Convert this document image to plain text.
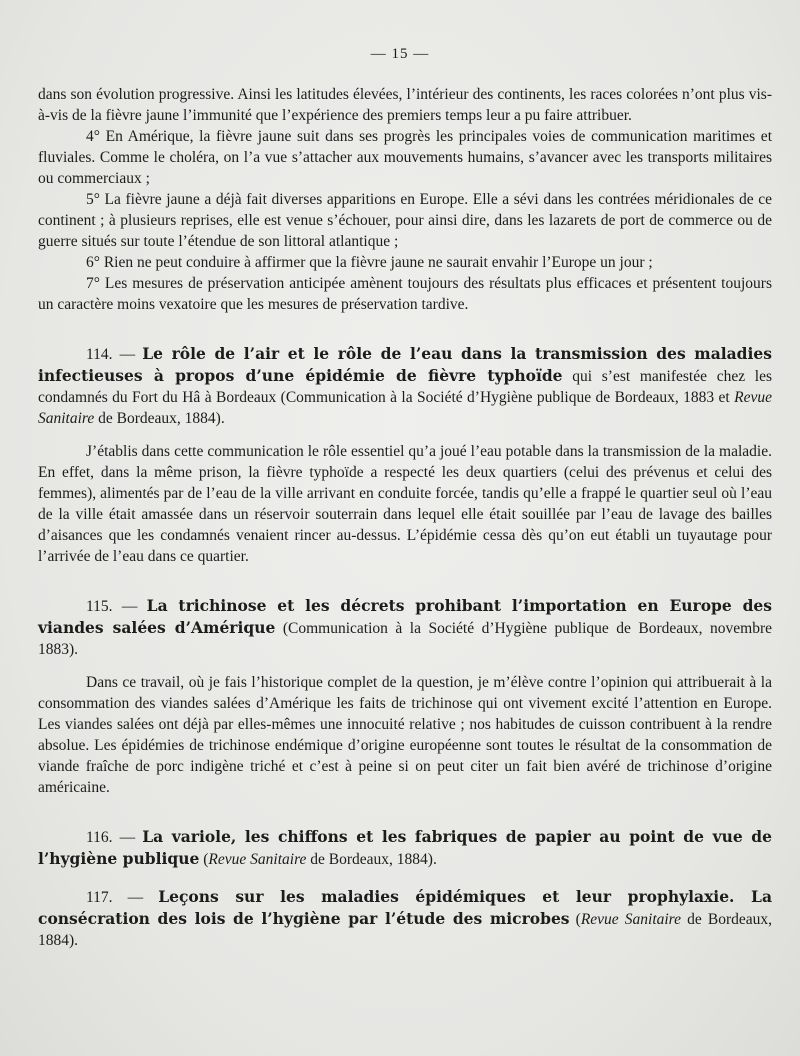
— 15 —

dans son évolution progressive. Ainsi les latitudes élevées, l’intérieur des continents, les races colorées n’ont plus vis-à-vis de la fièvre jaune l’immunité que l’expérience des premiers temps leur a pu faire attribuer.

4° En Amérique, la fièvre jaune suit dans ses progrès les principales voies de communication maritimes et fluviales. Comme le choléra, on l’a vue s’attacher aux mouvements humains, s’avancer avec les transports militaires ou commerciaux ;

5° La fièvre jaune a déjà fait diverses apparitions en Europe. Elle a sévi dans les contrées méridionales de ce continent ; à plusieurs reprises, elle est venue s’échouer, pour ainsi dire, dans les lazarets de port de commerce ou de guerre situés sur toute l’étendue de son littoral atlantique ;

6° Rien ne peut conduire à affirmer que la fièvre jaune ne saurait envahir l’Europe un jour ;

7° Les mesures de préservation anticipée amènent toujours des résultats plus efficaces et présentent toujours un caractère moins vexatoire que les mesures de préservation tardive.

114. — Le rôle de l’air et le rôle de l’eau dans la transmission des maladies infectieuses à propos d’une épidémie de fièvre typhoïde qui s’est manifestée chez les condamnés du Fort du Hâ à Bordeaux (Communication à la Société d’Hygiène publique de Bordeaux, 1883 et Revue Sanitaire de Bordeaux, 1884).

J’établis dans cette communication le rôle essentiel qu’a joué l’eau potable dans la transmission de la maladie. En effet, dans la même prison, la fièvre typhoïde a respecté les deux quartiers (celui des prévenus et celui des femmes), alimentés par de l’eau de la ville arrivant en conduite forcée, tandis qu’elle a frappé le quartier seul où l’eau de la ville était amassée dans un réservoir souterrain dans lequel elle était souillée par l’eau de lavage des bailles d’aisances que les condamnés venaient rincer au-dessus. L’épidémie cessa dès qu’on eut établi un tuyautage pour l’arrivée de l’eau dans ce quartier.

115. — La trichinose et les décrets prohibant l’importation en Europe des viandes salées d’Amérique (Communication à la Société d’Hygiène publique de Bordeaux, novembre 1883).

Dans ce travail, où je fais l’historique complet de la question, je m’élève contre l’opinion qui attribuerait à la consommation des viandes salées d’Amérique les faits de trichinose qui ont vivement excité l’attention en Europe. Les viandes salées ont déjà par elles-mêmes une innocuité relative ; nos habitudes de cuisson contribuent à la rendre absolue. Les épidémies de trichinose endémique d’origine européenne sont toutes le résultat de la consommation de viande fraîche de porc indigène triché et c’est à peine si on peut citer un fait bien avéré de trichinose d’origine américaine.

116. — La variole, les chiffons et les fabriques de papier au point de vue de l’hygiène publique (Revue Sanitaire de Bordeaux, 1884).

117. — Leçons sur les maladies épidémiques et leur prophylaxie. La consécration des lois de l’hygiène par l’étude des microbes (Revue Sanitaire de Bordeaux, 1884).
